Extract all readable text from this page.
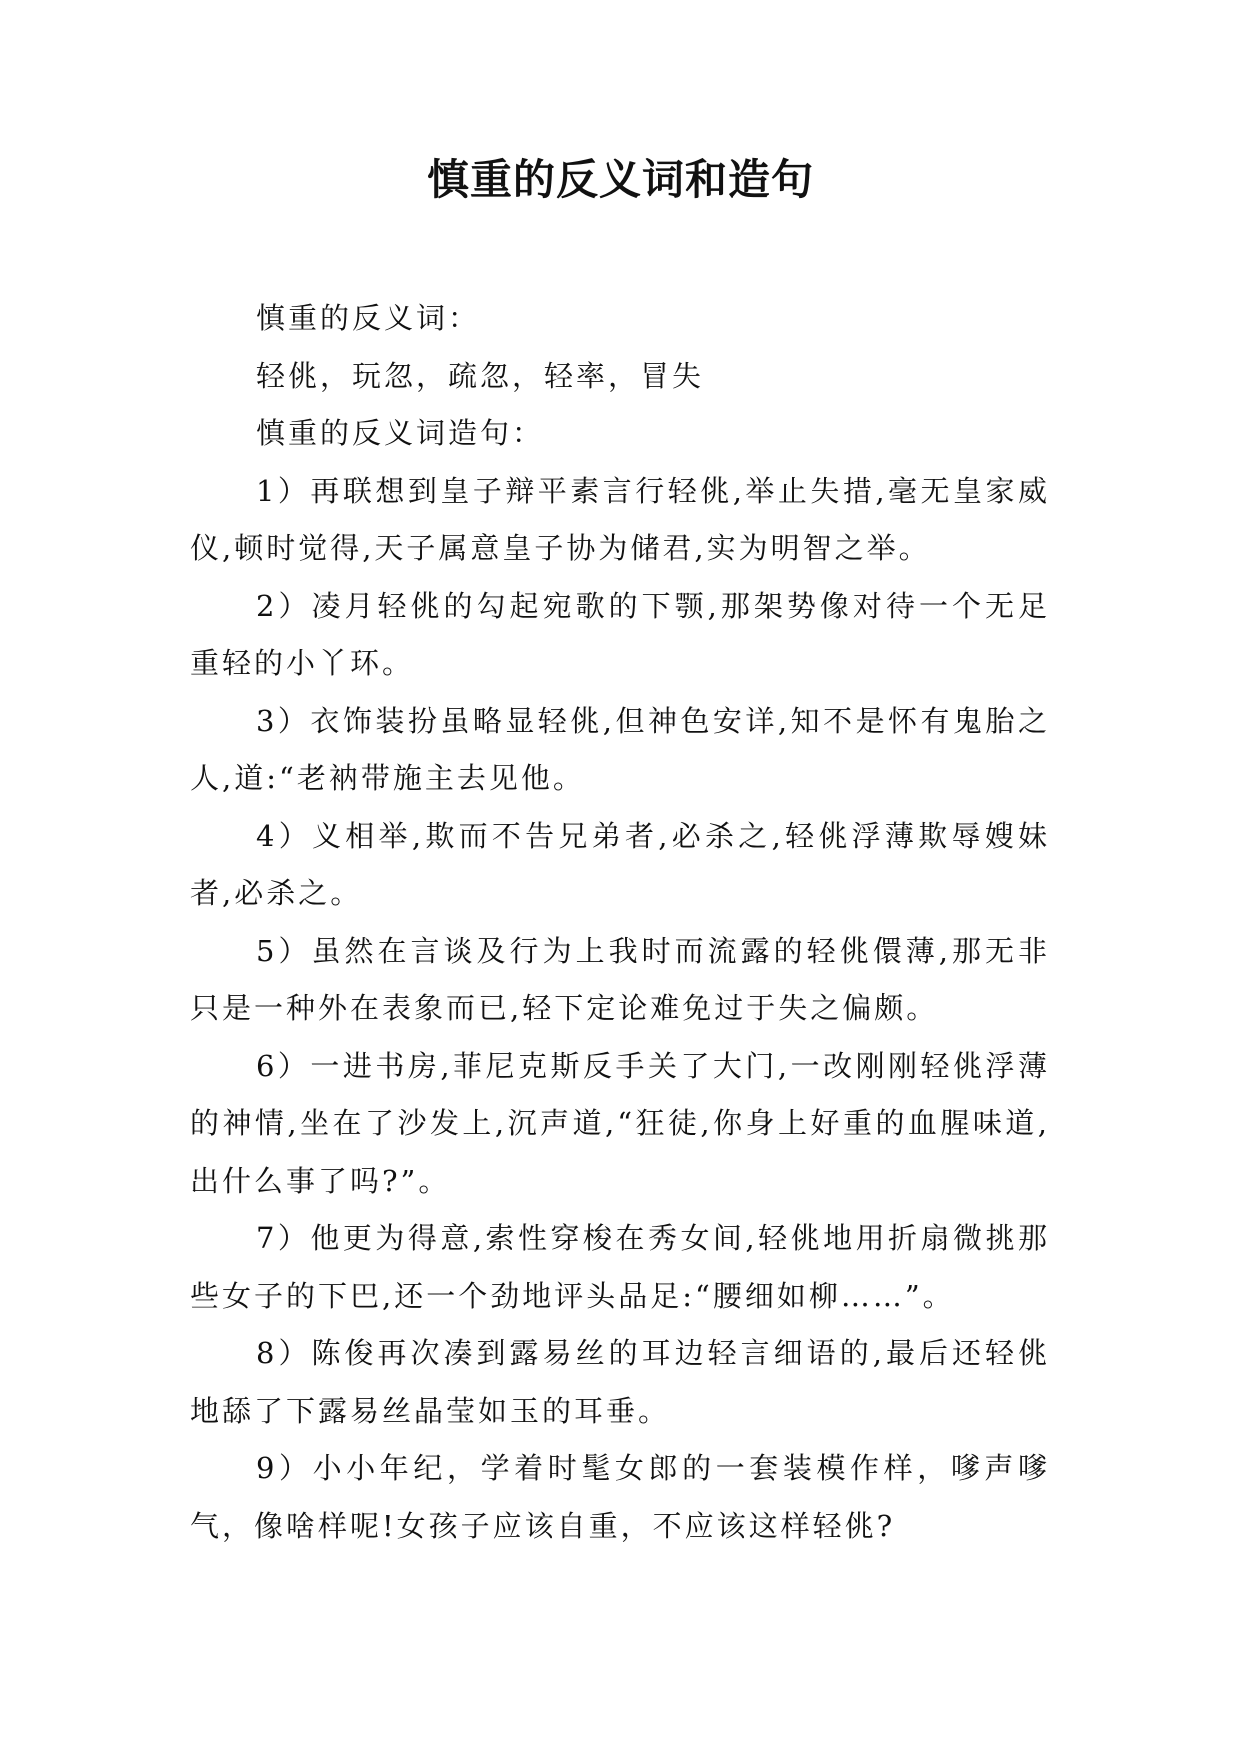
慎重的反义词和造句

慎重的反义词：

轻佻，玩忽，疏忽，轻率，冒失

慎重的反义词造句：

1）再联想到皇子辩平素言行轻佻,举止失措,毫无皇家威仪,顿时觉得,天子属意皇子协为储君,实为明智之举。

2）凌月轻佻的勾起宛歌的下颚,那架势像对待一个无足重轻的小丫环。

3）衣饰装扮虽略显轻佻,但神色安详,知不是怀有鬼胎之人,道:“老衲带施主去见他。

4）义相举,欺而不告兄弟者,必杀之,轻佻浮薄欺辱嫂妹者,必杀之。

5）虽然在言谈及行为上我时而流露的轻佻儇薄,那无非只是一种外在表象而已,轻下定论难免过于失之偏颇。

6）一进书房,菲尼克斯反手关了大门,一改刚刚轻佻浮薄的神情,坐在了沙发上,沉声道,“狂徒,你身上好重的血腥味道,出什么事了吗?”。

7）他更为得意,索性穿梭在秀女间,轻佻地用折扇微挑那些女子的下巴,还一个劲地评头品足:“腰细如柳……”。

8）陈俊再次凑到露易丝的耳边轻言细语的,最后还轻佻地舔了下露易丝晶莹如玉的耳垂。

9）小小年纪，学着时髦女郎的一套装模作样，嗲声嗲气，像啥样呢!女孩子应该自重，不应该这样轻佻?
